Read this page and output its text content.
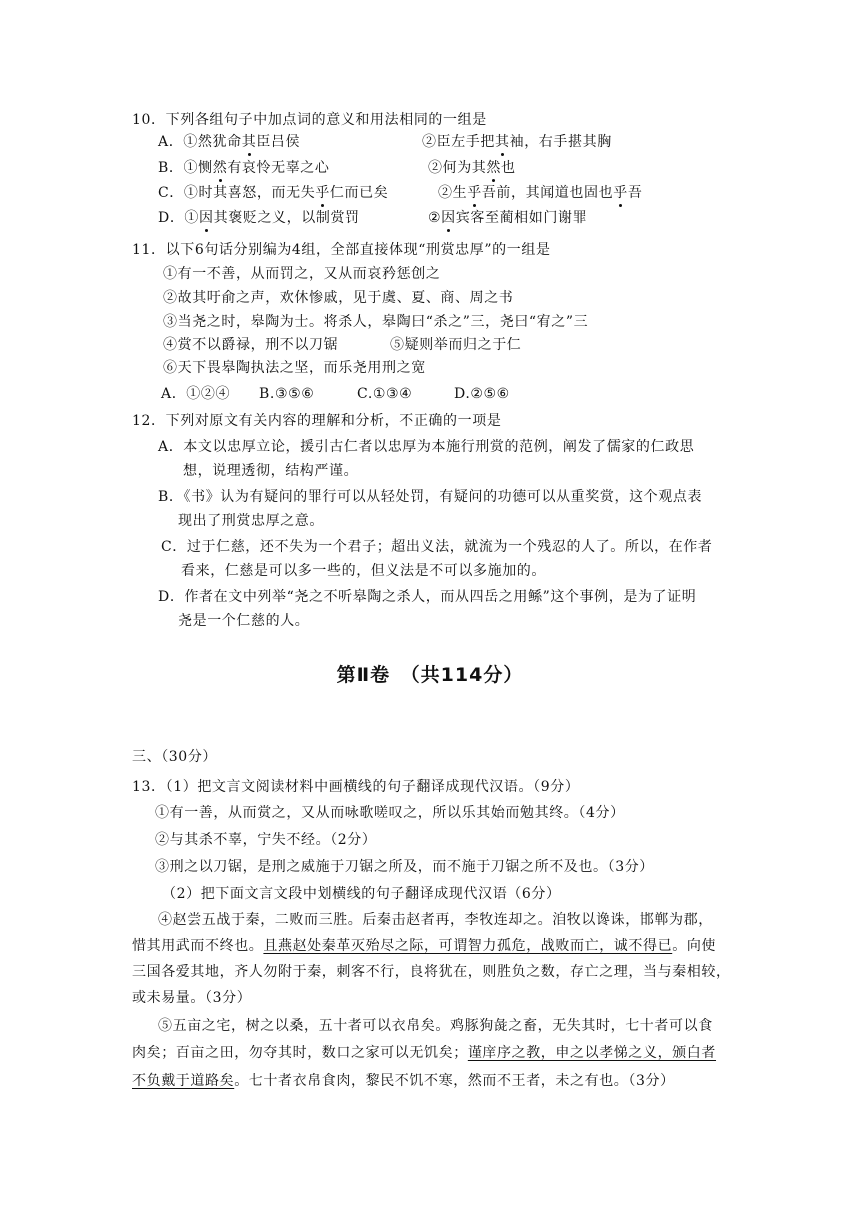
10．下列各组句子中加点词的意义和用法相同的一组是
A．①然犹命其臣吕侯	②臣左手把其袖，右手揕其胸
B．①恻然有哀怜无辜之心	②何为其然也
C．①时其喜怒，而无失乎仁而已矣	②生乎吾前，其闻道也固也乎吾
D．①因其褒贬之义，以制赏罚	②因宾客至蔺相如门谢罪
11．以下6句话分别编为4组，全部直接体现“刑赏忠厚”的一组是
①有一不善，从而罚之，又从而哀矜惩创之
②故其吁俞之声，欢休惨戚，见于虞、夏、商、周之书
③当尧之时，皋陶为士。将杀人，皋陶曰“杀之”三，尧曰“宥之”三
④赏不以爵禄，刑不以刀锯	⑤疑则举而归之于仁
⑥天下畏皋陶执法之坚，而乐尧用刑之宽
A．①②④ B.③⑤⑥	C.①③④	D.②⑤⑥
12．下列对原文有关内容的理解和分析，不正确的一项是
A．本文以忠厚立论，援引古仁者以忠厚为本施行刑赏的范例，阐发了儒家的仁政思
想，说理透彻，结构严谨。
B．《书》认为有疑问的罪行可以从轻处罚，有疑问的功德可以从重奖赏，这个观点表
现出了刑赏忠厚之意。
C．过于仁慈，还不失为一个君子；超出义法，就流为一个残忍的人了。所以，在作者
看来，仁慈是可以多一些的，但义法是不可以多施加的。
D．作者在文中列举“尧之不听皋陶之杀人，而从四岳之用鲧”这个事例，是为了证明
尧是一个仁慈的人。
第Ⅱ卷　（共114分）
三、（30分）
13．（1）把文言文阅读材料中画横线的句子翻译成现代汉语。（9分）
①有一善，从而赏之，又从而咏歌嗟叹之，所以乐其始而勉其终。（4分）
②与其杀不辜，宁失不经。（2分）
③刑之以刀锯，是刑之威施于刀锯之所及，而不施于刀锯之所不及也。（3分）
（2）把下面文言文段中划横线的句子翻译成现代汉语（6分）
④赵尝五战于秦，二败而三胜。后秦击赵者再，李牧连却之。洎牧以谗诛，邯郸为郡，
惜其用武而不终也。且燕赵处秦革灭殆尽之际，可谓智力孤危，战败而亡，诚不得已。向使
三国各爱其地，齐人勿附于秦，刺客不行，良将犹在，则胜负之数，存亡之理，当与秦相较，
或未易量。（3分）
⑤五亩之宅，树之以桑，五十者可以衣帛矣。鸡豚狗彘之畜，无失其时，七十者可以食
肉矣；百亩之田，勿夺其时，数口之家可以无饥矣；谨庠序之教，申之以孝悌之义，颁白者
不负戴于道路矣。七十者衣帛食肉，黎民不饥不寒，然而不王者，未之有也。（3分）
